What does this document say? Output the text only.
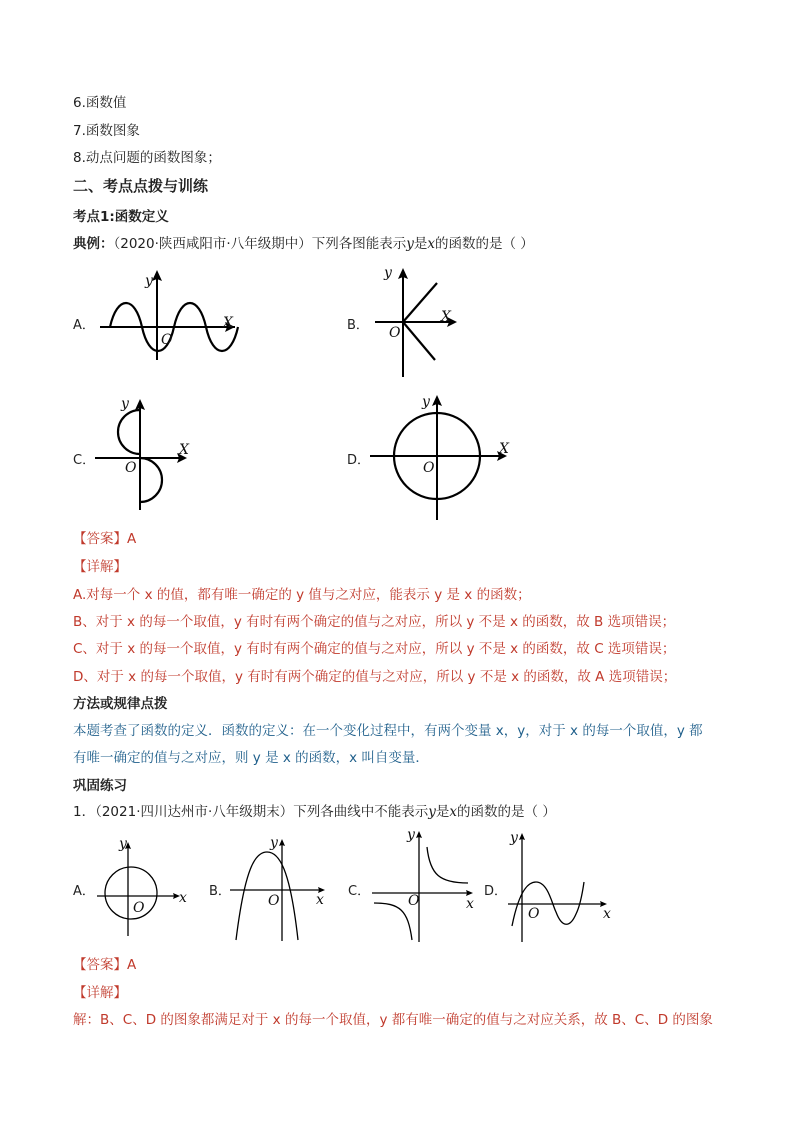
6.函数值
7.函数图象
8.动点问题的函数图象；
二、考点点拨与训练
考点1:函数定义
典例：（2020·陕西咸阳市·八年级期中）下列各图能表示y是x的函数的是（ ）
A．	B．
C．	D．
X
y
O
X
y
O
X
y
O
X
y
O
【答案】A
【详解】
A.对每一个 x 的值，都有唯一确定的 y 值与之对应，能表示 y 是 x 的函数；
B、对于 x 的每一个取值，y 有时有两个确定的值与之对应，所以 y 不是 x 的函数，故 B 选项错误；
C、对于 x 的每一个取值，y 有时有两个确定的值与之对应，所以 y 不是 x 的函数，故 C 选项错误；
D、对于 x 的每一个取值，y 有时有两个确定的值与之对应，所以 y 不是 x 的函数，故 A 选项错误；
方法或规律点拨
本题考查了函数的定义．函数的定义：在一个变化过程中，有两个变量 x，y，对于 x 的每一个取值，y 都
有唯一确定的值与之对应，则 y 是 x 的函数，x 叫自变量．
巩固练习
1．（2021·四川达州市·八年级期末）下列各曲线中不能表示y是x的函数的是（ ）
A．	B．	C．	D．
x
y
O	x
y
O	x
y
O
x
y
O
【答案】A
【详解】
解：B、C、D 的图象都满足对于 x 的每一个取值，y 都有唯一确定的值与之对应关系，故 B、C、D 的图象
